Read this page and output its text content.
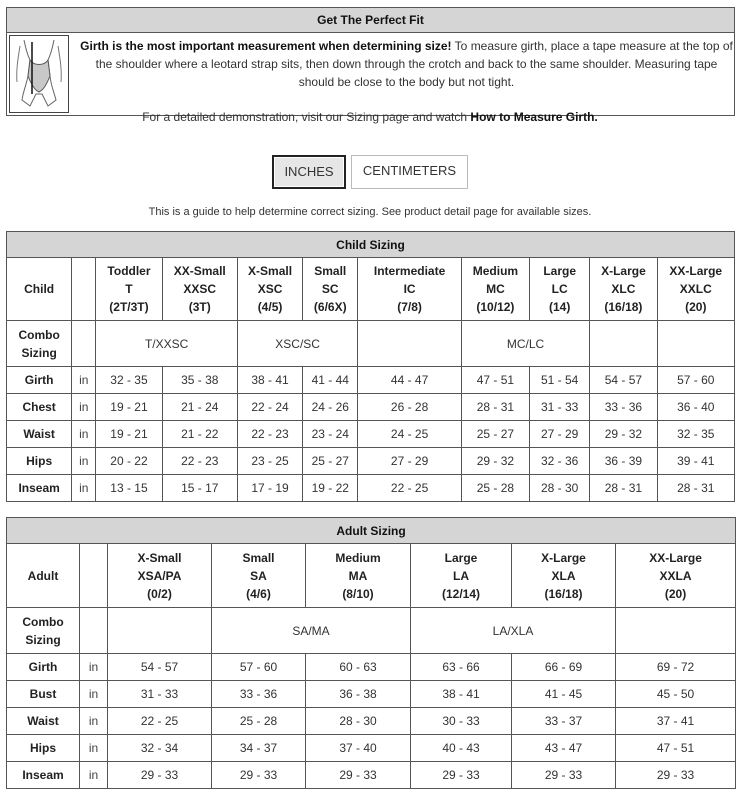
Get The Perfect Fit
Girth is the most important measurement when determining size! To measure girth, place a tape measure at the top of the shoulder where a leotard strap sits, then down through the crotch and back to the same shoulder. Measuring tape should be close to the body but not tight.
For a detailed demonstration, visit our Sizing page and watch How to Measure Girth.
INCHES	CENTIMETERS
This is a guide to help determine correct sizing. See product detail page for available sizes.
Child Sizing										
Child		Toddler
T
(2T/3T)	XX-Small
XXSC
(3T)	X-Small
XSC
(4/5)	Small
SC
(6/6X)	Intermediate
IC
(7/8)	Medium
MC
(10/12)	Large
LC
(14)	X-Large
XLC
(16/18)	XX-Large
XXLC
(20)

Combo
Sizing		T/XXSC		XSC/SC			MC/LC			
Girth	in	32 - 35	35 - 38	38 - 41	41 - 44	44 - 47	47 - 51	51 - 54	54 - 57	57 - 60
Chest	in	19 - 21	21 - 24	22 - 24	24 - 26	26 - 28	28 - 31	31 - 33	33 - 36	36 - 40
Waist	in	19 - 21	21 - 22	22 - 23	23 - 24	24 - 25	25 - 27	27 - 29	29 - 32	32 - 35
Hips	in	20 - 22	22 - 23	23 - 25	25 - 27	27 - 29	29 - 32	32 - 36	36 - 39	39 - 41
Inseam	in	13 - 15	15 - 17	17 - 19	19 - 22	22 - 25	25 - 28	28 - 30	28 - 31	28 - 31
Adult Sizing							
Adult		X-Small
XSA/PA
(0/2)	Small
SA
(4/6)	Medium
MA
(8/10)	Large
LA
(12/14)	X-Large
XLA
(16/18)	XX-Large
XXLA
(20)

Combo
Sizing			SA/MA		LA/XLA		
Girth	in	54 - 57	57 - 60	60 - 63	63 - 66	66 - 69	69 - 72
Bust	in	31 - 33	33 - 36	36 - 38	38 - 41	41 - 45	45 - 50
Waist	in	22 - 25	25 - 28	28 - 30	30 - 33	33 - 37	37 - 41
Hips	in	32 - 34	34 - 37	37 - 40	40 - 43	43 - 47	47 - 51
Inseam	in	29 - 33	29 - 33	29 - 33	29 - 33	29 - 33	29 - 33
